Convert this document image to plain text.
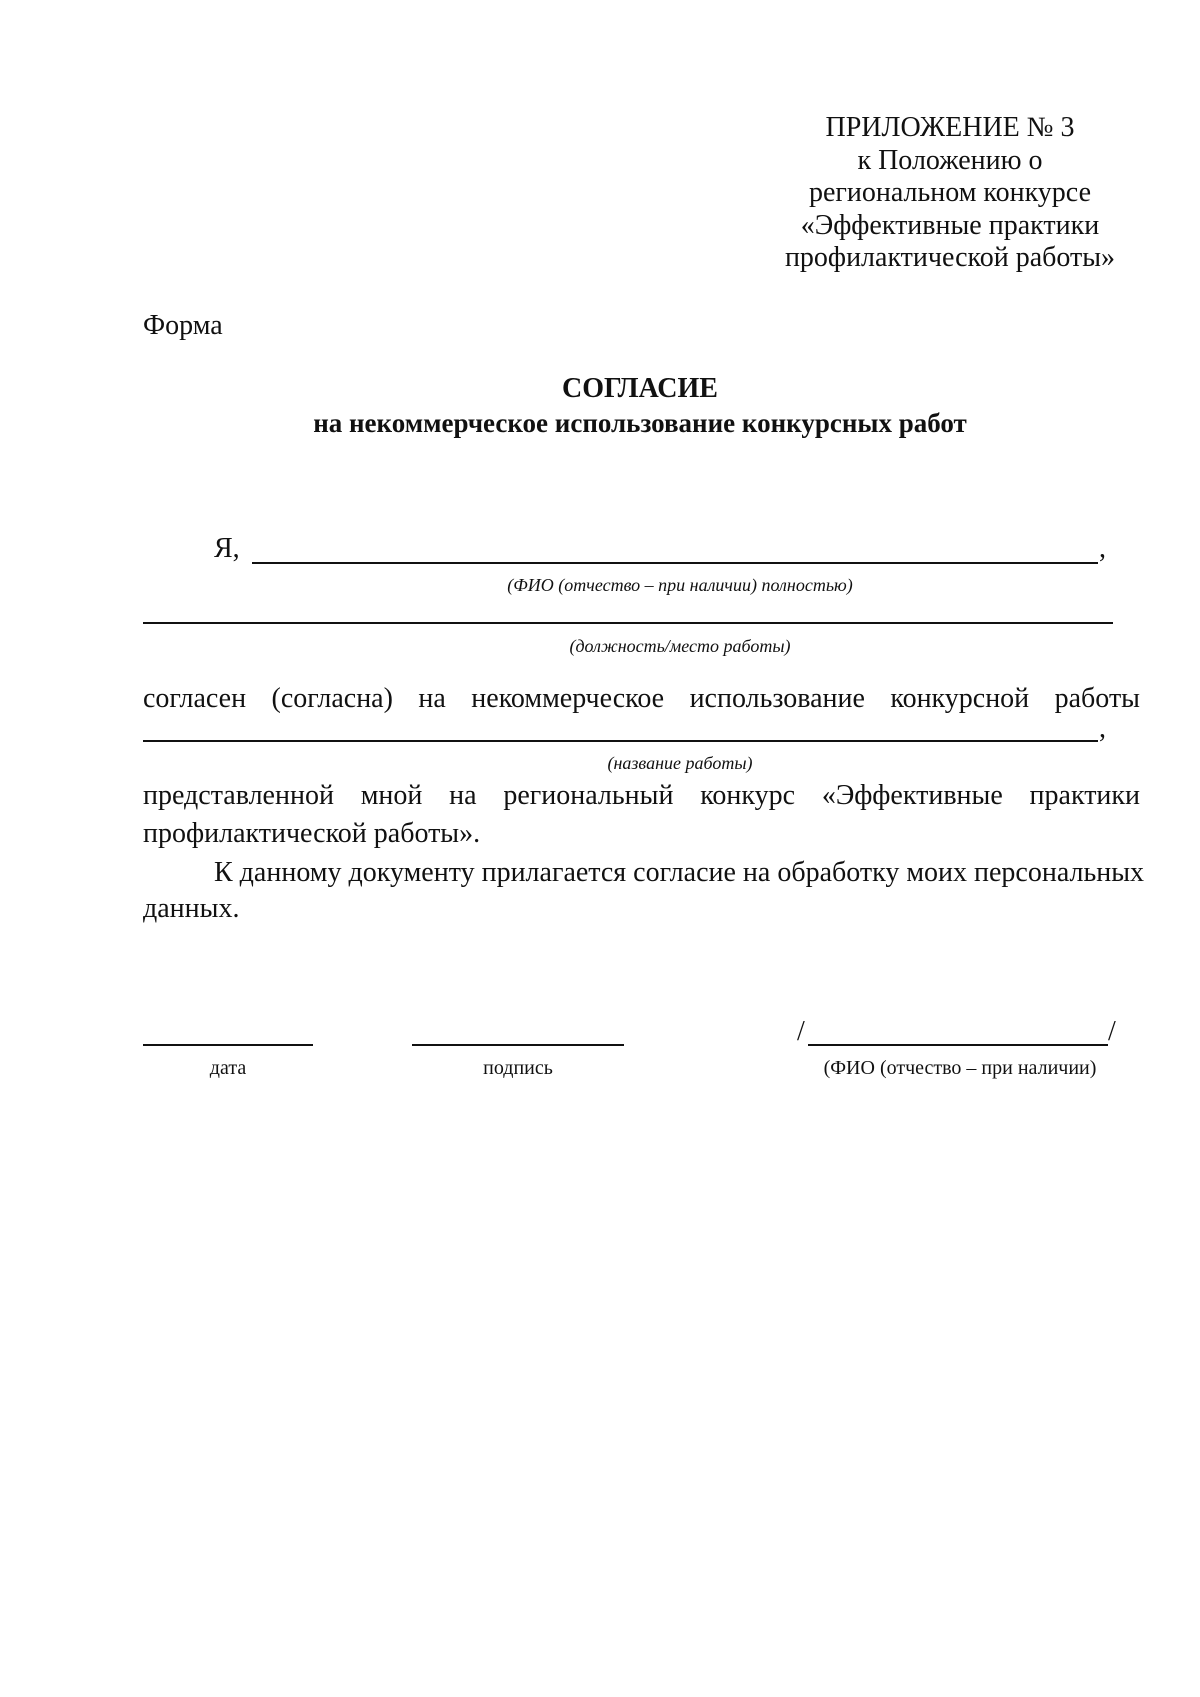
ПРИЛОЖЕНИЕ № 3
к Положению о
региональном конкурсе
«Эффективные практики
профилактической работы»
Форма
СОГЛАСИЕ
на некоммерческое использование конкурсных работ
Я,	,
(ФИО (отчество – при наличии) полностью)
(должность/место работы)
согласен (согласна) на некоммерческое использование конкурсной работы
,
(название работы)
представленной мной на региональный конкурс «Эффективные практики
профилактической работы».
К данному документу прилагается согласие на обработку моих персональных
данных.
дата	подпись
/	/
(ФИО (отчество – при наличии)
